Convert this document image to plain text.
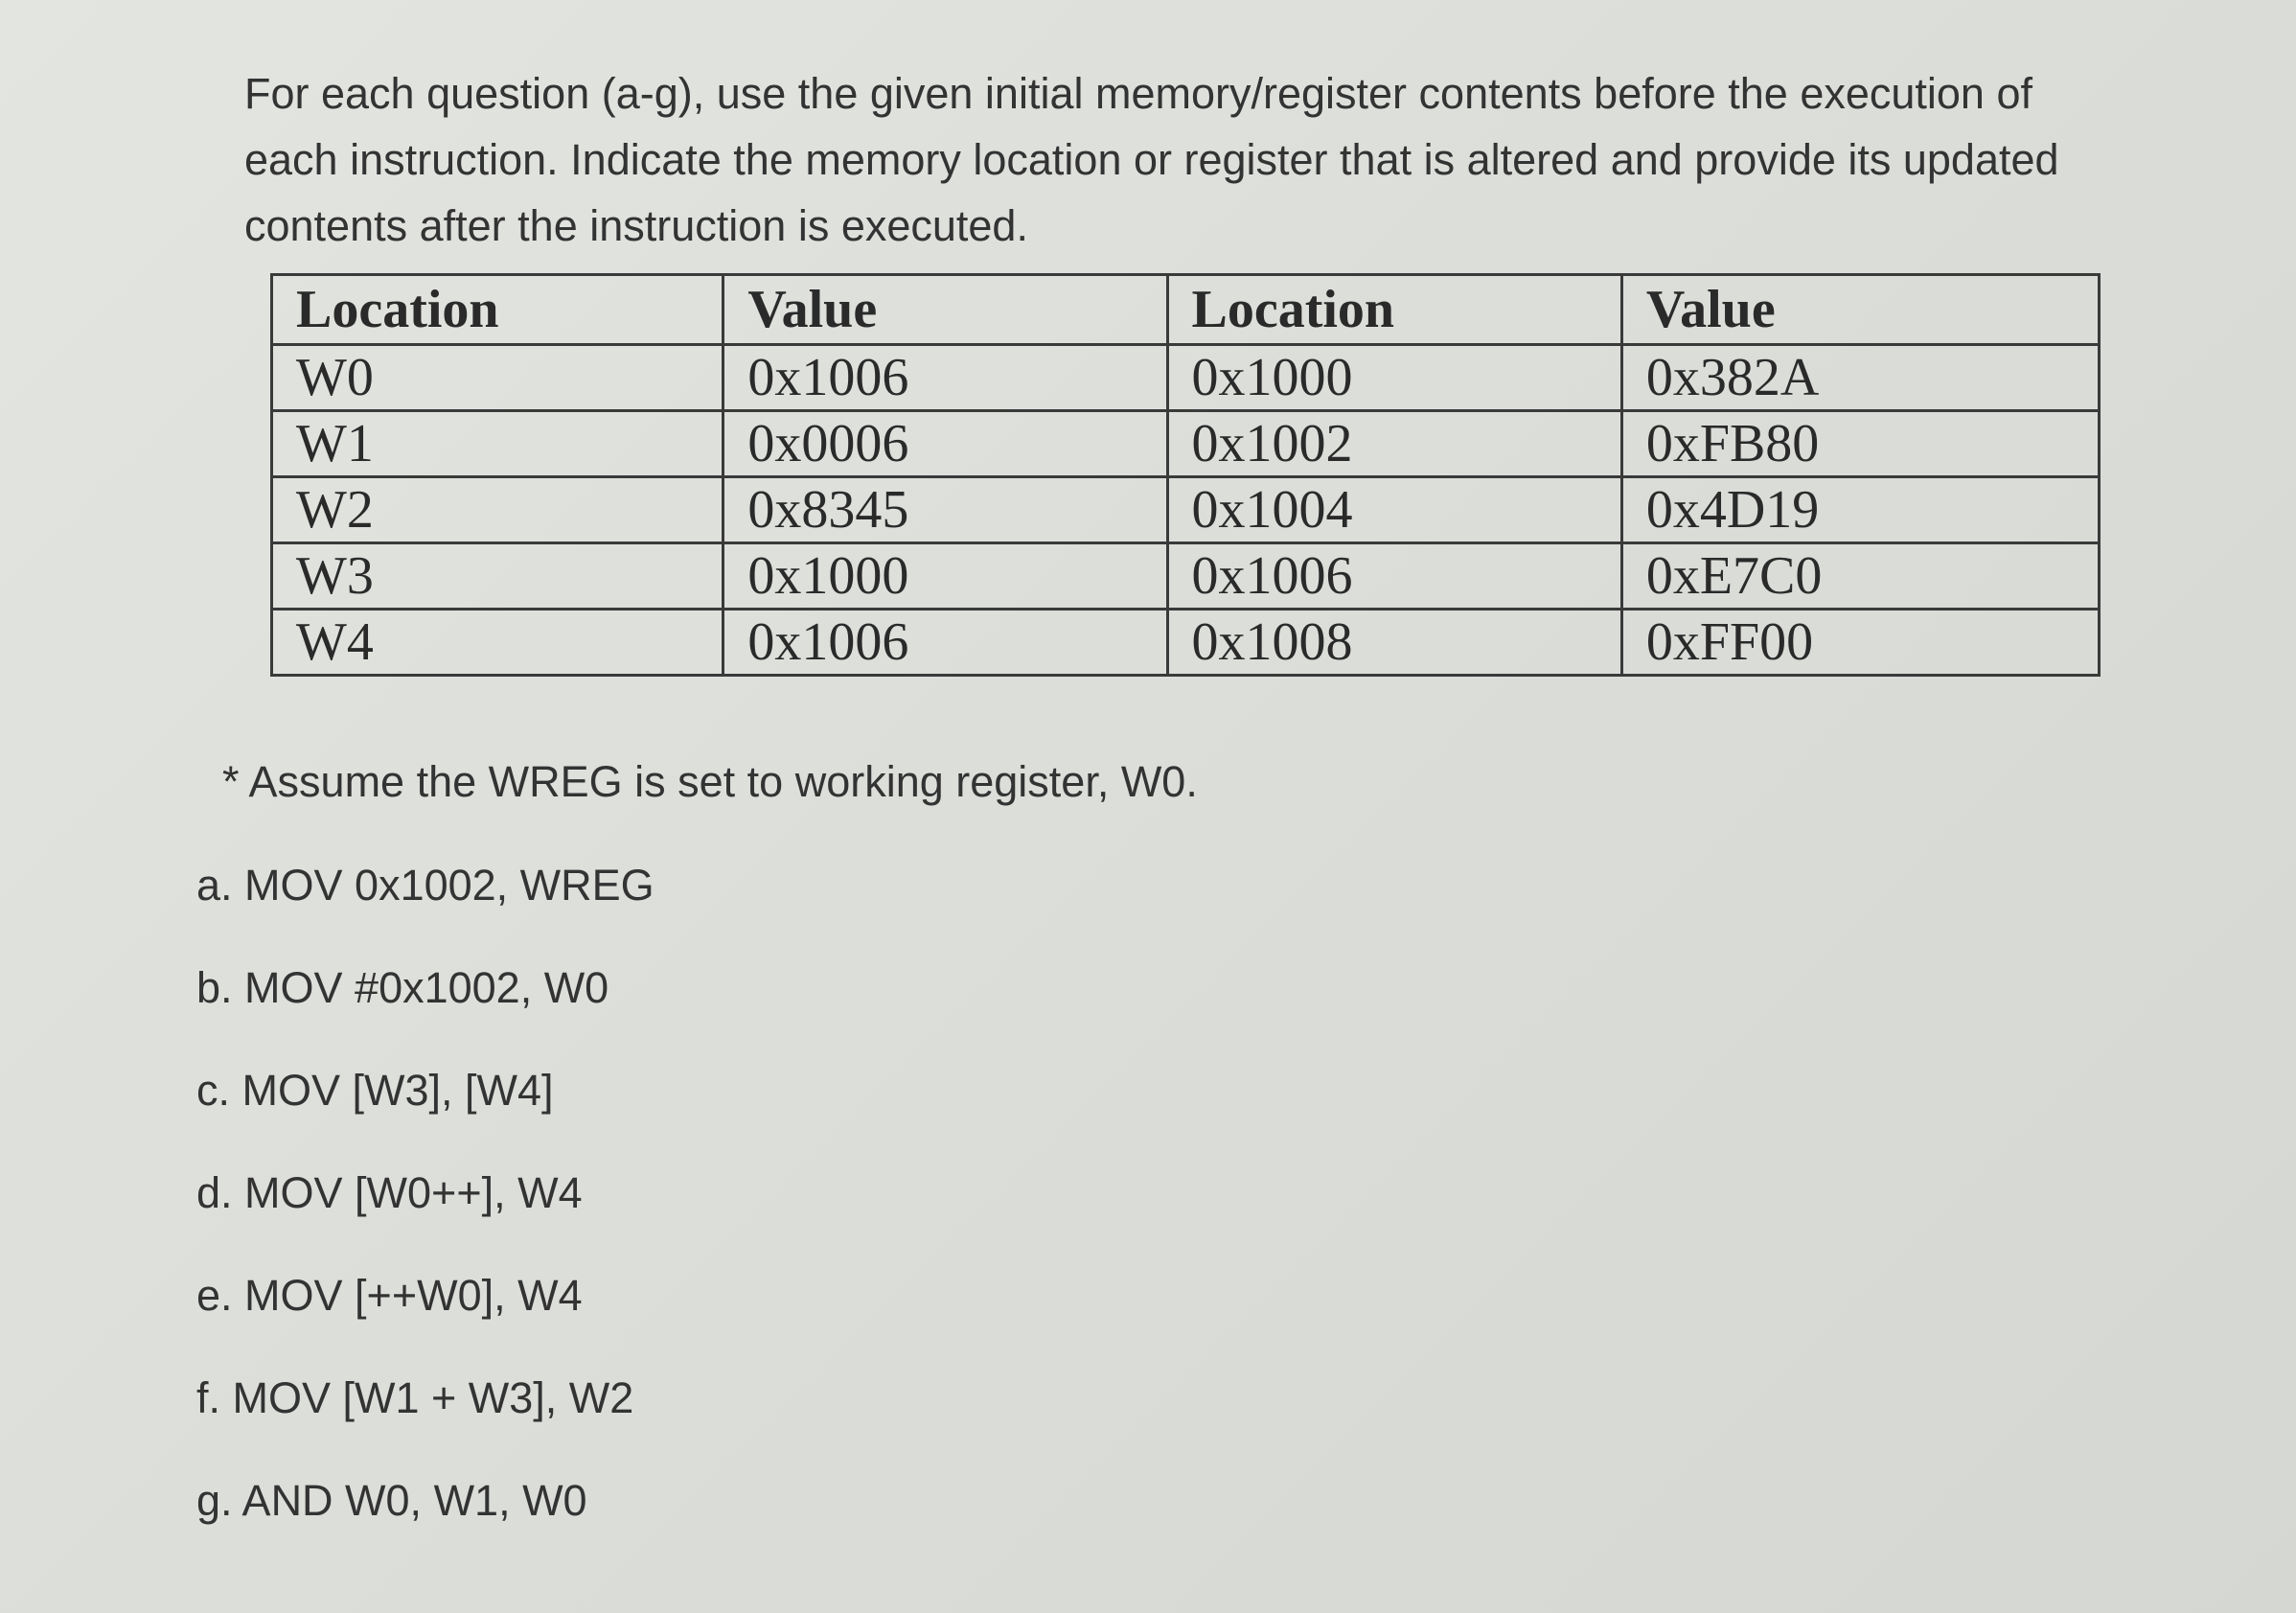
For each question (a-g), use the given initial memory/register contents before the execution of each instruction. Indicate the memory location or register that is altered and provide its updated contents after the instruction is executed.

Location	Value	Location	Value
W0	0x1006	0x1000	0x382A
W1	0x0006	0x1002	0xFB80
W2	0x8345	0x1004	0x4D19
W3	0x1000	0x1006	0xE7C0
W4	0x1006	0x1008	0xFF00
* Assume the WREG is set to working register, W0.
a. MOV 0x1002, WREG
b. MOV #0x1002, W0
c. MOV [W3], [W4]
d. MOV [W0++], W4
e. MOV [++W0], W4
f. MOV [W1 + W3], W2
g. AND W0, W1, W0
